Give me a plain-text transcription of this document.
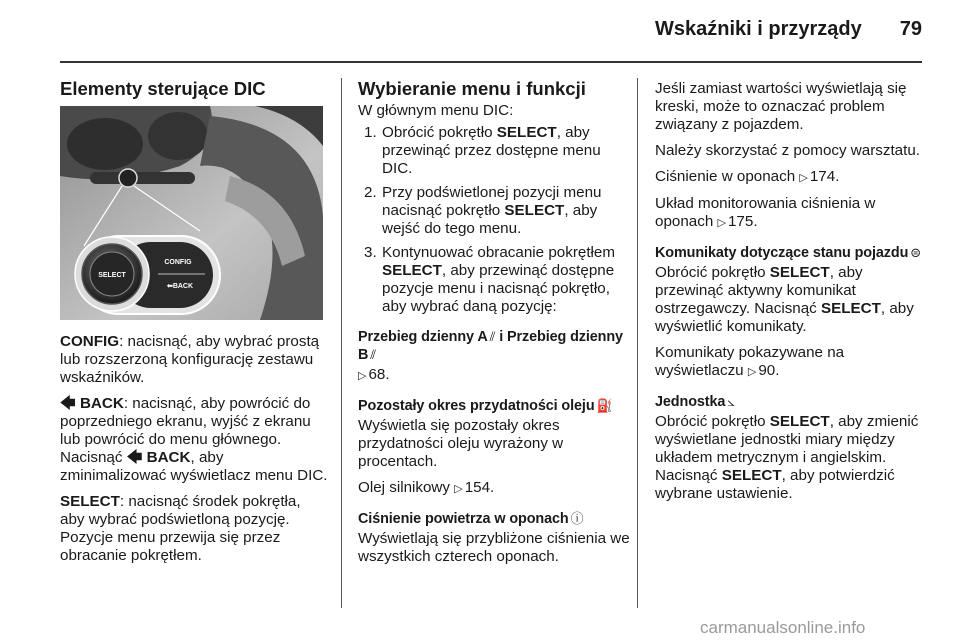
Wskaźniki i przyrządy	79
Elementy sterujące DIC
SELECT
CONFIG
⬅BACK

CONFIG: nacisnąć, aby wybrać prostą lub rozszerzoną konfigurację zestawu wskaźników.

🡄 BACK: nacisnąć, aby powrócić do poprzedniego ekranu, wyjść z ekranu lub powrócić do menu głównego. Nacisnąć 🡄 BACK, aby zminimalizować wyświetlacz menu DIC.

SELECT: nacisnąć środek pokrętła, aby wybrać podświetloną pozycję. Pozycje menu przewija się przez obracanie pokrętłem.

Wybieranie menu i funkcji

W głównym menu DIC:

1. Obrócić pokrętło SELECT, aby przewinąć przez dostępne menu DIC.
2. Przy podświetlonej pozycji menu nacisnąć pokrętło SELECT, aby wejść do tego menu.
3. Kontynuować obracanie pokrętłem SELECT, aby przewinąć dostępne pozycje menu i nacisnąć pokrętło, aby wybrać daną pozycję:
Przebieg dzienny A ⫽ i Przebieg dzienny B ⫽

▷ 68.

Pozostały okres przydatności oleju ⛽

Wyświetla się pozostały okres przydatności oleju wyrażony w procentach.

Olej silnikowy ▷ 154.

Ciśnienie powietrza w oponach ⓘ

Wyświetlają się przybliżone ciśnienia we wszystkich czterech oponach.

Jeśli zamiast wartości wyświetlają się kreski, może to oznaczać problem związany z pojazdem.

Należy skorzystać z pomocy warsztatu.

Ciśnienie w oponach ▷ 174.

Układ monitorowania ciśnienia w oponach ▷ 175.

Komunikaty dotyczące stanu pojazdu ⊜

Obrócić pokrętło SELECT, aby przewinąć aktywny komunikat ostrzegawczy. Nacisnąć SELECT, aby wyświetlić komunikaty.

Komunikaty pokazywane na wyświetlaczu ▷ 90.

Jednostka ⦣

Obrócić pokrętło SELECT, aby zmienić wyświetlane jednostki miary między układem metrycznym i angielskim. Nacisnąć SELECT, aby potwierdzić wybrane ustawienie.

carmanualsonline.info
